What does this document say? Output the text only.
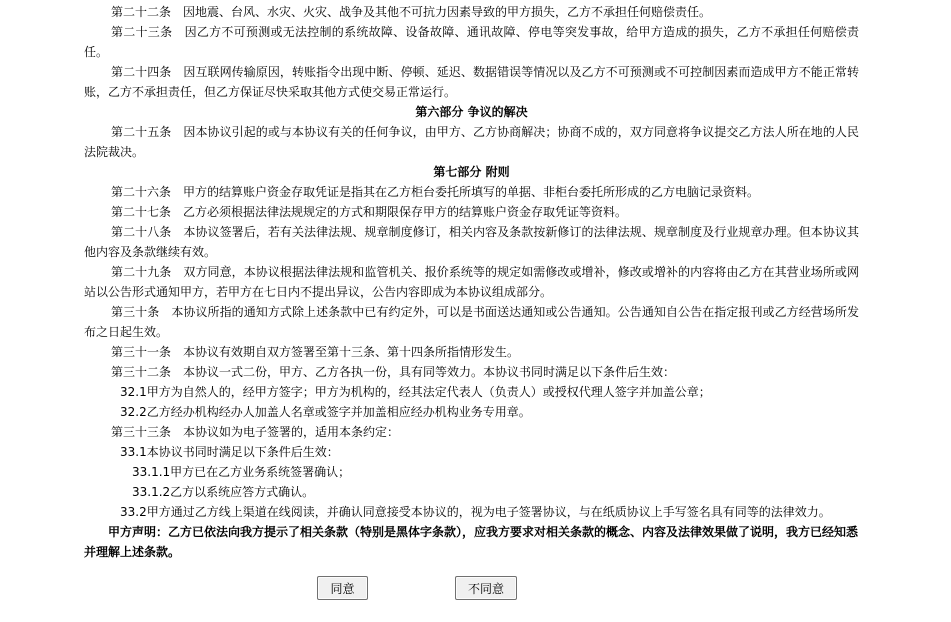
第二十二条　因地震、台风、水灾、火灾、战争及其他不可抗力因素导致的甲方损失，乙方不承担任何赔偿责任。

第二十三条　因乙方不可预测或无法控制的系统故障、设备故障、通讯故障、停电等突发事故，给甲方造成的损失，乙方不承担任何赔偿责任。

第二十四条　因互联网传输原因，转账指令出现中断、停顿、延迟、数据错误等情况以及乙方不可预测或不可控制因素而造成甲方不能正常转账，乙方不承担责任，但乙方保证尽快采取其他方式使交易正常运行。

第六部分 争议的解决

第二十五条　因本协议引起的或与本协议有关的任何争议，由甲方、乙方协商解决；协商不成的，双方同意将争议提交乙方法人所在地的人民法院裁决。

第七部分 附则

第二十六条　甲方的结算账户资金存取凭证是指其在乙方柜台委托所填写的单据、非柜台委托所形成的乙方电脑记录资料。

第二十七条　乙方必须根据法律法规规定的方式和期限保存甲方的结算账户资金存取凭证等资料。

第二十八条　本协议签署后，若有关法律法规、规章制度修订，相关内容及条款按新修订的法律法规、规章制度及行业规章办理。但本协议其他内容及条款继续有效。

第二十九条　双方同意，本协议根据法律法规和监管机关、报价系统等的规定如需修改或增补，修改或增补的内容将由乙方在其营业场所或网站以公告形式通知甲方，若甲方在七日内不提出异议，公告内容即成为本协议组成部分。

第三十条　本协议所指的通知方式除上述条款中已有约定外，可以是书面送达通知或公告通知。公告通知自公告在指定报刊或乙方经营场所发布之日起生效。

第三十一条　本协议有效期自双方签署至第十三条、第十四条所指情形发生。

第三十二条　本协议一式二份，甲方、乙方各执一份，具有同等效力。本协议书同时满足以下条件后生效：

32.1甲方为自然人的，经甲方签字；甲方为机构的，经其法定代表人（负责人）或授权代理人签字并加盖公章；

32.2乙方经办机构经办人加盖人名章或签字并加盖相应经办机构业务专用章。

第三十三条　本协议如为电子签署的，适用本条约定：

33.1本协议书同时满足以下条件后生效：

33.1.1甲方已在乙方业务系统签署确认；

33.1.2乙方以系统应答方式确认。

33.2甲方通过乙方线上渠道在线阅读，并确认同意接受本协议的，视为电子签署协议，与在纸质协议上手写签名具有同等的法律效力。

甲方声明：乙方已依法向我方提示了相关条款（特别是黑体字条款），应我方要求对相关条款的概念、内容及法律效果做了说明，我方已经知悉并理解上述条款。

同意	不同意
